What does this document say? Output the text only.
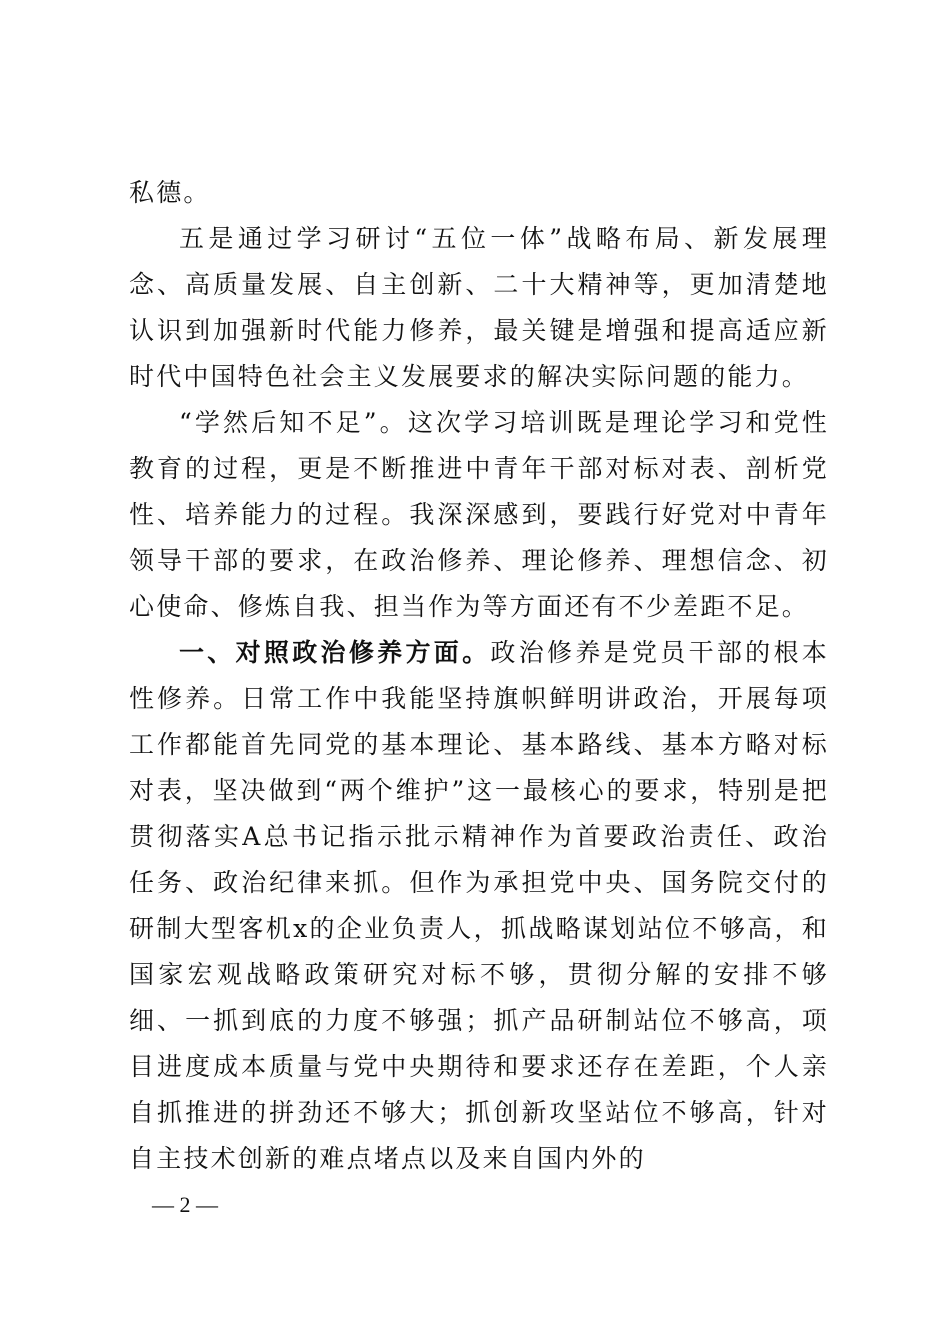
私德。

五是通过学习研讨“五位一体”战略布局、新发展理念、高质量发展、自主创新、二十大精神等，更加清楚地认识到加强新时代能力修养，最关键是增强和提高适应新时代中国特色社会主义发展要求的解决实际问题的能力。

“学然后知不足”。这次学习培训既是理论学习和党性教育的过程，更是不断推进中青年干部对标对表、剖析党性、培养能力的过程。我深深感到，要践行好党对中青年领导干部的要求，在政治修养、理论修养、理想信念、初心使命、修炼自我、担当作为等方面还有不少差距不足。

一、对照政治修养方面。政治修养是党员干部的根本性修养。日常工作中我能坚持旗帜鲜明讲政治，开展每项工作都能首先同党的基本理论、基本路线、基本方略对标对表，坚决做到“两个维护”这一最核心的要求，特别是把贯彻落实A总书记指示批示精神作为首要政治责任、政治任务、政治纪律来抓。但作为承担党中央、国务院交付的研制大型客机x的企业负责人，抓战略谋划站位不够高，和国家宏观战略政策研究对标不够，贯彻分解的安排不够细、一抓到底的力度不够强；抓产品研制站位不够高，项目进度成本质量与党中央期待和要求还存在差距，个人亲自抓推进的拼劲还不够大；抓创新攻坚站位不够高，针对自主技术创新的难点堵点以及来自国内外的

— 2 —
